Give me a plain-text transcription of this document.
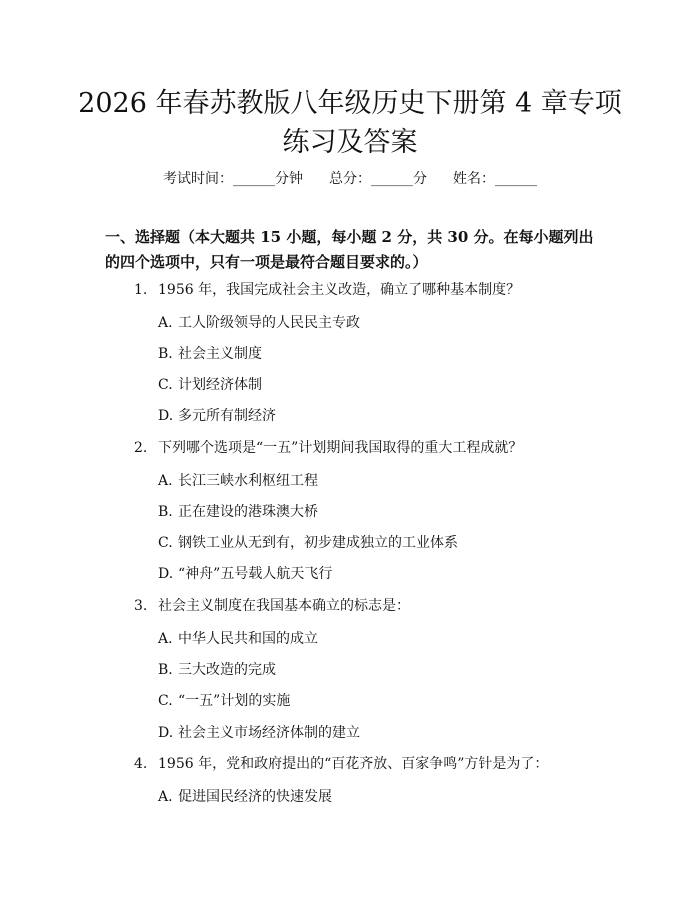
2026 年春苏教版八年级历史下册第 4 章专项
练习及答案
考试时间：______分钟 总分：______分 姓名：______
一、选择题（本大题共 15 小题，每小题 2 分，共 30 分。在每小题列出的四个选项中，只有一项是最符合题目要求的。）
1. 1956 年，我国完成社会主义改造，确立了哪种基本制度？
A. 工人阶级领导的人民民主专政
B. 社会主义制度
C. 计划经济体制
D. 多元所有制经济
2. 下列哪个选项是“一五”计划期间我国取得的重大工程成就？
A. 长江三峡水利枢纽工程
B. 正在建设的港珠澳大桥
C. 钢铁工业从无到有，初步建成独立的工业体系
D. “神舟”五号载人航天飞行
3. 社会主义制度在我国基本确立的标志是：
A. 中华人民共和国的成立
B. 三大改造的完成
C. “一五”计划的实施
D. 社会主义市场经济体制的建立
4. 1956 年，党和政府提出的“百花齐放、百家争鸣”方针是为了：
A. 促进国民经济的快速发展
